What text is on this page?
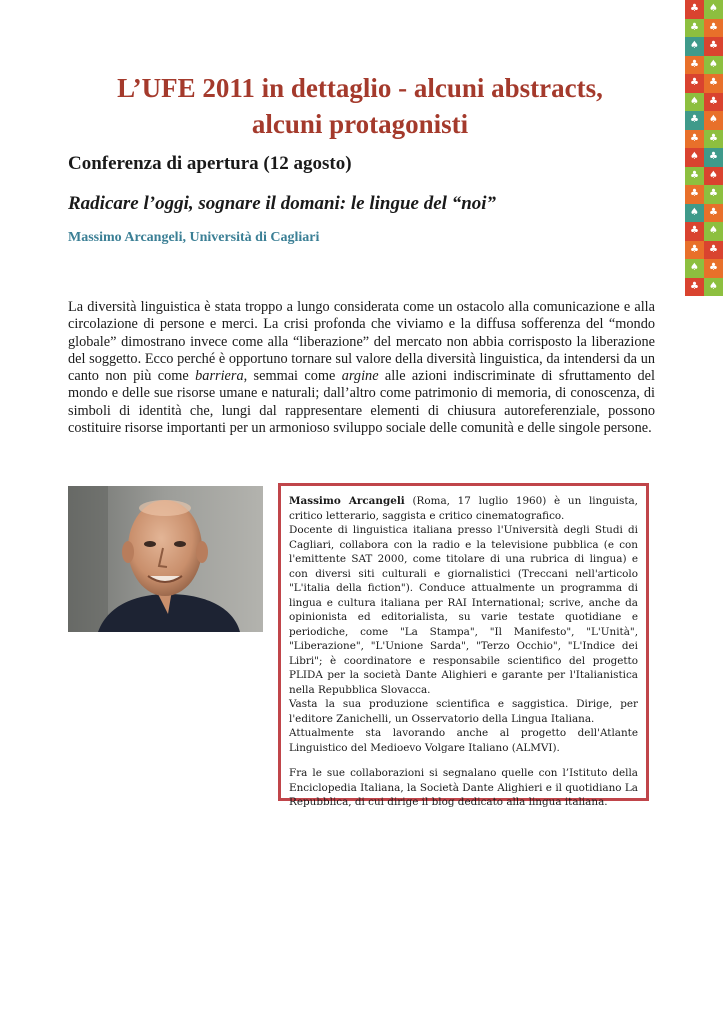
♣	♠
♣	♣
♠	♣
♣	♠
♣	♣
♠	♣
♣	♠
♣	♣
♠	♣
♣	♠
♣	♣
♠	♣
♣	♠
♣	♣
♠	♣
♣	♠
L’UFE 2011 in dettaglio - alcuni abstracts,
alcuni protagonisti
Conferenza di apertura (12 agosto)
Radicare l’oggi, sognare il domani: le lingue del “noi”

Massimo Arcangeli, Università di Cagliari

La diversità linguistica è stata troppo a lungo considerata come un ostacolo alla comunicazione e alla circolazione di persone e merci. La crisi profonda che viviamo e la diffusa sofferenza del “mondo globale” dimostrano invece come alla “liberazione” del mercato non abbia corrisposto la liberazione del soggetto. Ecco perché è opportuno tornare sul valore della diversità linguistica, da intendersi da un canto non più come barriera, semmai come argine alle azioni indiscriminate di sfruttamento del mondo e delle sue risorse umane e naturali; dall’altro come patrimonio di memoria, di conoscenza, di simboli di identità che, lungi dal rappresentare elementi di chiusura autoreferenziale, possono costituire risorse importanti per un armonioso sviluppo sociale delle comunità e delle singole persone.

Massimo Arcangeli (Roma, 17 luglio 1960) è un linguista, critico letterario, saggista e critico cinematografico.

Docente di linguistica italiana presso l'Università degli Studi di Cagliari, collabora con la radio e la televisione pubblica (e con l'emittente SAT 2000, come titolare di una rubrica di lingua) e con diversi siti culturali e giornalistici (Treccani nell'articolo "L'italia della fiction"). Conduce attualmente un programma di lingua e cultura italiana per RAI International; scrive, anche da opinionista ed editorialista, su varie testate quotidiane e periodiche, come "La Stampa", "Il Manifesto", "L'Unità", "Liberazione", "L'Unione Sarda", "Terzo Occhio", "L'Indice dei Libri"; è coordinatore e responsabile scientifico del progetto PLIDA per la società Dante Alighieri e garante per l'Italianistica nella Repubblica Slovacca.

Vasta la sua produzione scientifica e saggistica. Dirige, per l'editore Zanichelli, un Osservatorio della Lingua Italiana.

Attualmente sta lavorando anche al progetto dell'Atlante Linguistico del Medioevo Volgare Italiano (ALMVI).

Fra le sue collaborazioni si segnalano quelle con l’Istituto della Enciclopedia Italiana, la Società Dante Alighieri e il quotidiano La Repubblica, di cui dirige il blog dedicato alla lingua italiana.
